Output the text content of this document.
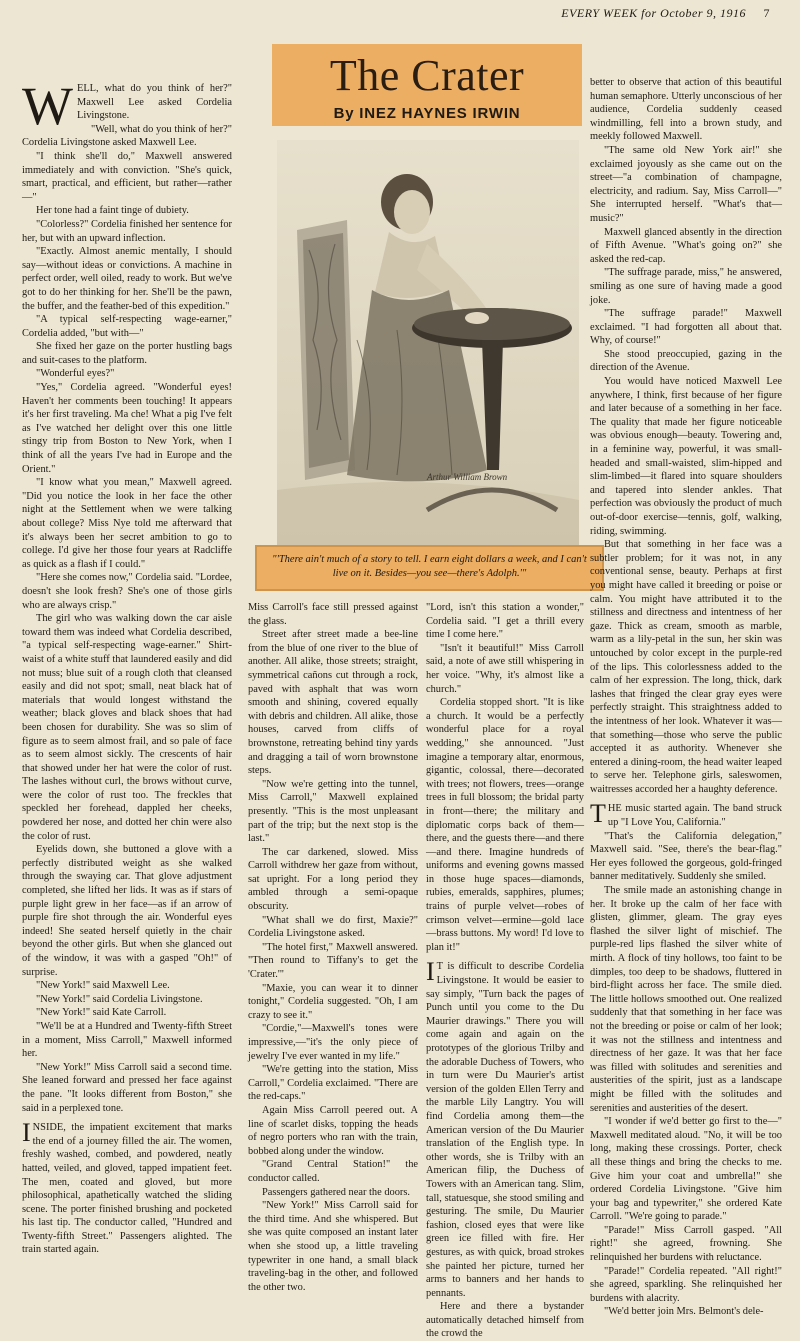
EVERY WEEK for October 9, 1916 7
The Crater
By INEZ HAYNES IRWIN
Arthur William Brown
"'There ain't much of a story to tell. I earn eight dollars a week, and I can't live on it. Besides—you see—there's Adolph.'"
W ELL, what do you think of her?" Maxwell Lee asked Cordelia Livingstone.

"Well, what do you think of her?" Cordelia Livingstone asked Maxwell Lee.

"I think she'll do," Maxwell answered immediately and with conviction. "She's quick, smart, practical, and efficient, but rather—rather—"

Her tone had a faint tinge of dubiety.

"Colorless?" Cordelia finished her sentence for her, but with an upward inflection.

"Exactly. Almost anemic mentally, I should say—without ideas or convictions. A machine in perfect order, well oiled, ready to work. But we've got to do her thinking for her. She'll be the pawn, the buffer, and the feather-bed of this expedition."

"A typical self-respecting wage-earner," Cordelia added, "but with—"

She fixed her gaze on the porter hustling bags and suit-cases to the platform.

"Wonderful eyes?"

"Yes," Cordelia agreed. "Wonderful eyes! Haven't her comments been touching! It appears it's her first traveling. Ma che! What a pig I've felt as I've watched her delight over this one little stingy trip from Boston to New York, when I think of all the years I've had in Europe and the Orient."

"I know what you mean," Maxwell agreed. "Did you notice the look in her face the other night at the Settlement when we were talking about college? Miss Nye told me afterward that it's always been her secret ambition to go to college. I'd give her those four years at Radcliffe as quick as a flash if I could."

"Here she comes now," Cordelia said. "Lordee, doesn't she look fresh? She's one of those girls who are always crisp."

The girl who was walking down the car aisle toward them was indeed what Cordelia described, "a typical self-respecting wage-earner." Shirt-waist of a white stuff that laundered easily and did not muss; blue suit of a rough cloth that cleansed easily and did not spot; small, neat black hat of materials that would longest withstand the weather; black gloves and black shoes that had been chosen for durability. She was so slim of figure as to seem almost frail, and so pale of face as to seem almost sickly. The crescents of hair that showed under her hat were the color of rust. The lashes without curl, the brows without curve, were the color of rust too. The freckles that speckled her forehead, dappled her cheeks, powdered her nose, and dotted her chin were also the color of rust.

Eyelids down, she buttoned a glove with a perfectly distributed weight as she walked through the swaying car. That glove adjustment completed, she lifted her lids. It was as if stars of purple light grew in her face—as if an arrow of purple fire shot through the air. Wonderful eyes indeed! She seated herself quietly in the chair beyond the other girls. But when she glanced out of the window, it was with a gasped "Oh!" of surprise.

"New York!" said Maxwell Lee.

"New York!" said Cordelia Livingstone.

"New York!" said Kate Carroll.

"We'll be at a Hundred and Twenty-fifth Street in a moment, Miss Carroll," Maxwell informed her.

"New York!" Miss Carroll said a second time. She leaned forward and pressed her face against the pane. "It looks different from Boston," she said in a perplexed tone.

INSIDE, the impatient excitement that marks the end of a journey filled the air. The women, freshly washed, combed, and powdered, neatly hatted, veiled, and gloved, tapped impatient feet. The men, coated and gloved, but more philosophical, apathetically watched the sliding scene. The porter finished brushing and pocketed his last tip. The conductor called, "Hundred and Twenty-fifth Street." Passengers alighted. The train started again.

Miss Carroll's face still pressed against the glass.

Street after street made a bee-line from the blue of one river to the blue of another. All alike, those streets; straight, symmetrical cañons cut through a rock, paved with asphalt that was worn smooth and shining, covered equally with debris and children. All alike, those houses, carved from cliffs of brownstone, retreating behind tiny yards and dragging a tail of worn brownstone steps.

"Now we're getting into the tunnel, Miss Carroll," Maxwell explained presently. "This is the most unpleasant part of the trip; but the next stop is the last."

The car darkened, slowed. Miss Carroll withdrew her gaze from without, sat upright. For a long period they ambled through a semi-opaque obscurity.

"What shall we do first, Maxie?" Cordelia Livingstone asked.

"The hotel first," Maxwell answered. "Then round to Tiffany's to get the 'Crater.'"

"Maxie, you can wear it to dinner tonight," Cordelia suggested. "Oh, I am crazy to see it."

"Cordie,"—Maxwell's tones were impressive,—"it's the only piece of jewelry I've ever wanted in my life."

"We're getting into the station, Miss Carroll," Cordelia exclaimed. "There are the red-caps."

Again Miss Carroll peered out. A line of scarlet disks, topping the heads of negro porters who ran with the train, bobbed along under the window.

"Grand Central Station!" the conductor called.

Passengers gathered near the doors.

"New York!" Miss Carroll said for the third time. And she whispered. But she was quite composed an instant later when she stood up, a little traveling typewriter in one hand, a small black traveling-bag in the other, and followed the other two.

"Lord, isn't this station a wonder," Cordelia said. "I get a thrill every time I come here."

"Isn't it beautiful!" Miss Carroll said, a note of awe still whispering in her voice. "Why, it's almost like a church."

Cordelia stopped short. "It is like a church. It would be a perfectly wonderful place for a royal wedding," she announced. "Just imagine a temporary altar, enormous, gigantic, colossal, there—decorated with trees; not flowers, trees—orange trees in full blossom; the bridal party in front—there; the military and diplomatic corps back of them—there, and the guests there—and there—and there. Imagine hundreds of uniforms and evening gowns massed in those huge spaces—diamonds, rubies, emeralds, sapphires, plumes; trains of purple velvet—robes of crimson velvet—ermine—gold lace—brass buttons. My word! I'd love to plan it!"

I T is difficult to describe Cordelia Livingstone. It would be easier to say simply, "Turn back the pages of Punch until you come to the Du Maurier drawings." There you will come again and again on the prototypes of the glorious Trilby and the adorable Duchess of Towers, who in turn were Du Maurier's artist version of the golden Ellen Terry and the marble Lily Langtry. You will find Cordelia among them—the American version of the Du Maurier translation of the English type. In other words, she is Trilby with an American filip, the Duchess of Towers with an American tang. Slim, tall, statuesque, she stood smiling and gesturing. The smile, Du Maurier fashion, closed eyes that were like green ice filled with fire. Her gestures, as with quick, broad strokes she painted her picture, turned her arms to banners and her hands to pennants.

Here and there a bystander automatically detached himself from the crowd the

better to observe that action of this beautiful human semaphore. Utterly unconscious of her audience, Cordelia suddenly ceased windmilling, fell into a brown study, and meekly followed Maxwell.

"The same old New York air!" she exclaimed joyously as she came out on the street—"a combination of champagne, electricity, and radium. Say, Miss Carroll—" She interrupted herself. "What's that—music?"

Maxwell glanced absently in the direction of Fifth Avenue. "What's going on?" she asked the red-cap.

"The suffrage parade, miss," he answered, smiling as one sure of having made a good joke.

"The suffrage parade!" Maxwell exclaimed. "I had forgotten all about that. Why, of course!"

She stood preoccupied, gazing in the direction of the Avenue.

You would have noticed Maxwell Lee anywhere, I think, first because of her figure and later because of a something in her face. The quality that made her figure noticeable was obvious enough—beauty. Towering and, in a feminine way, powerful, it was small-headed and small-waisted, slim-hipped and slim-limbed—it flared into square shoulders and tapered into slender ankles. That perfection was obviously the product of much out-of-door exercise—tennis, golf, walking, riding, swimming.

But that something in her face was a subtler problem; for it was not, in any conventional sense, beauty. Perhaps at first you might have called it breeding or poise or calm. You might have attributed it to the stillness and directness and intentness of her gaze. Thick as cream, smooth as marble, warm as a lily-petal in the sun, her skin was untouched by color except in the purple-red of the lips. This colorlessness added to the calm of her expression. The long, thick, dark lashes that fringed the clear gray eyes were perfectly straight. This straightness added to the intentness of her look. Whatever it was—that something—those who serve the public accepted it as authority. Whenever she entered a dining-room, the head waiter leaped to serve her. Telephone girls, saleswomen, waitresses accorded her a haughty deference.

THE music started again. The band struck up "I Love You, California."

"That's the California delegation," Maxwell said. "See, there's the bear-flag." Her eyes followed the gorgeous, gold-fringed banner meditatively. Suddenly she smiled.

The smile made an astonishing change in her. It broke up the calm of her face with glisten, glimmer, gleam. The gray eyes flashed the silver light of mischief. The purple-red lips flashed the silver white of mirth. A flock of tiny hollows, too faint to be dimples, too deep to be shadows, fluttered in bird-flight across her face. The smile died. The little hollows smoothed out. One realized suddenly that that something in her face was not the breeding or poise or calm of her look; it was not the stillness and intentness and directness of her gaze. It was that her face was filled with solitudes and serenities and austerities of the spirit, just as a landscape might be filled with the solitudes and serenities and austerities of the desert.

"I wonder if we'd better go first to the—" Maxwell meditated aloud. "No, it will be too long, making these crossings. Porter, check all these things and bring the checks to me. Give him your coat and umbrella!" she ordered Cordelia Livingstone. "Give him your bag and typewriter," she ordered Kate Carroll. "We're going to parade."

"Parade!" Miss Carroll gasped. "All right!" she agreed, frowning. She relinquished her burdens with reluctance.

"Parade!" Cordelia repeated. "All right!" she agreed, sparkling. She relinquished her burdens with alacrity.

"We'd better join Mrs. Belmont's dele-
